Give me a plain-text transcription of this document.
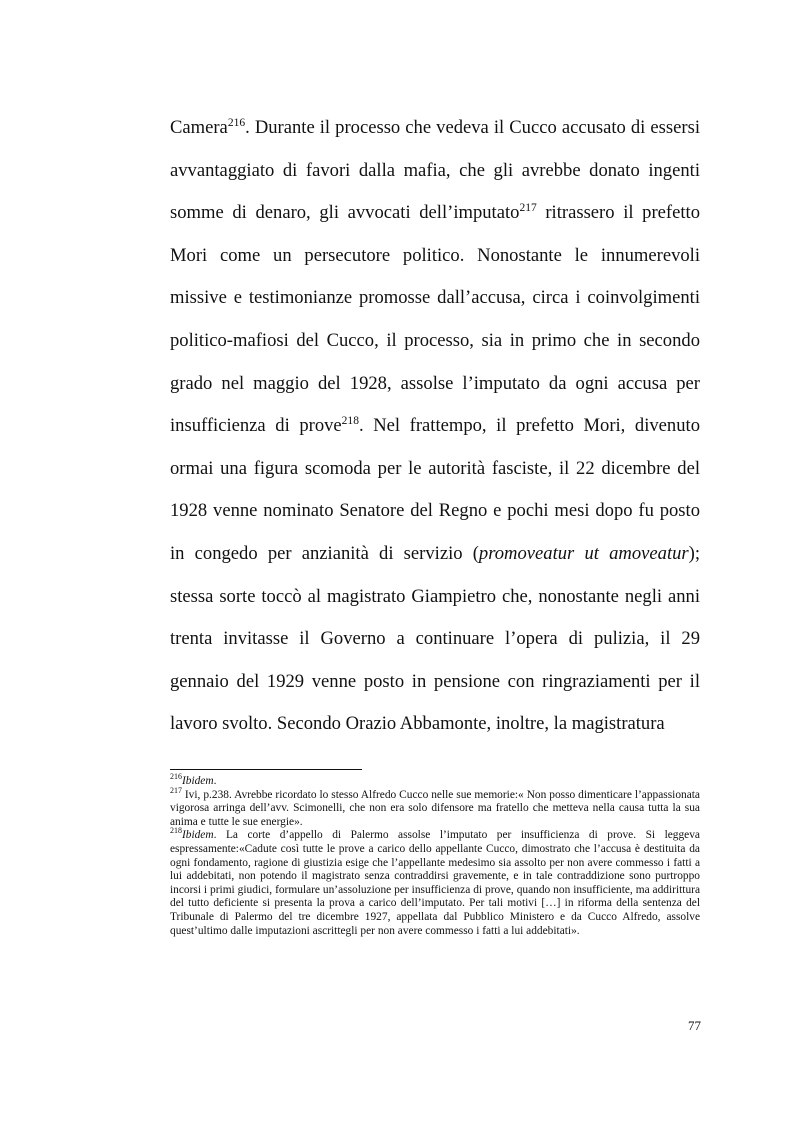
Camera$^{216}$. Durante il processo che vedeva il Cucco accusato di essersi avvantaggiato di favori dalla mafia, che gli avrebbe donato ingenti somme di denaro, gli avvocati dell’imputato$^{217}$ ritrassero il prefetto Mori come un persecutore politico. Nonostante le innumerevoli missive e testimonianze promosse dall’accusa, circa i coinvolgimenti politico-mafiosi del Cucco, il processo, sia in primo che in secondo grado nel maggio del 1928, assolse l’imputato da ogni accusa per insufficienza di prove$^{218}$. Nel frattempo, il prefetto Mori, divenuto ormai una figura scomoda per le autorità fasciste, il 22 dicembre del 1928 venne nominato Senatore del Regno e pochi mesi dopo fu posto in congedo per anzianità di servizio (promoveatur ut amoveatur); stessa sorte toccò al magistrato Giampietro che, nonostante negli anni trenta invitasse il Governo a continuare l’opera di pulizia, il 29 gennaio del 1929 venne posto in pensione con ringraziamenti per il lavoro svolto. Secondo Orazio Abbamonte, inoltre, la magistratura

$^{216}$Ibidem.

$^{217}$ Ivi, p.238. Avrebbe ricordato lo stesso Alfredo Cucco nelle sue memorie:« Non posso dimenticare l’appassionata vigorosa arringa dell’avv. Scimonelli, che non era solo difensore ma fratello che metteva nella causa tutta la sua anima e tutte le sue energie».

$^{218}$Ibidem. La corte d’appello di Palermo assolse l’imputato per insufficienza di prove. Si leggeva espressamente:«Cadute così tutte le prove a carico dello appellante Cucco, dimostrato che l’accusa è destituita da ogni fondamento, ragione di giustizia esige che l’appellante medesimo sia assolto per non avere commesso i fatti a lui addebitati, non potendo il magistrato senza contraddirsi gravemente, e in tale contraddizione sono purtroppo incorsi i primi giudici, formulare un’assoluzione per insufficienza di prove, quando non insufficiente, ma addirittura del tutto deficiente si presenta la prova a carico dell’imputato. Per tali motivi […] in riforma della sentenza del Tribunale di Palermo del tre dicembre 1927, appellata dal Pubblico Ministero e da Cucco Alfredo, assolve quest’ultimo dalle imputazioni ascrittegli per non avere commesso i fatti a lui addebitati».

77
